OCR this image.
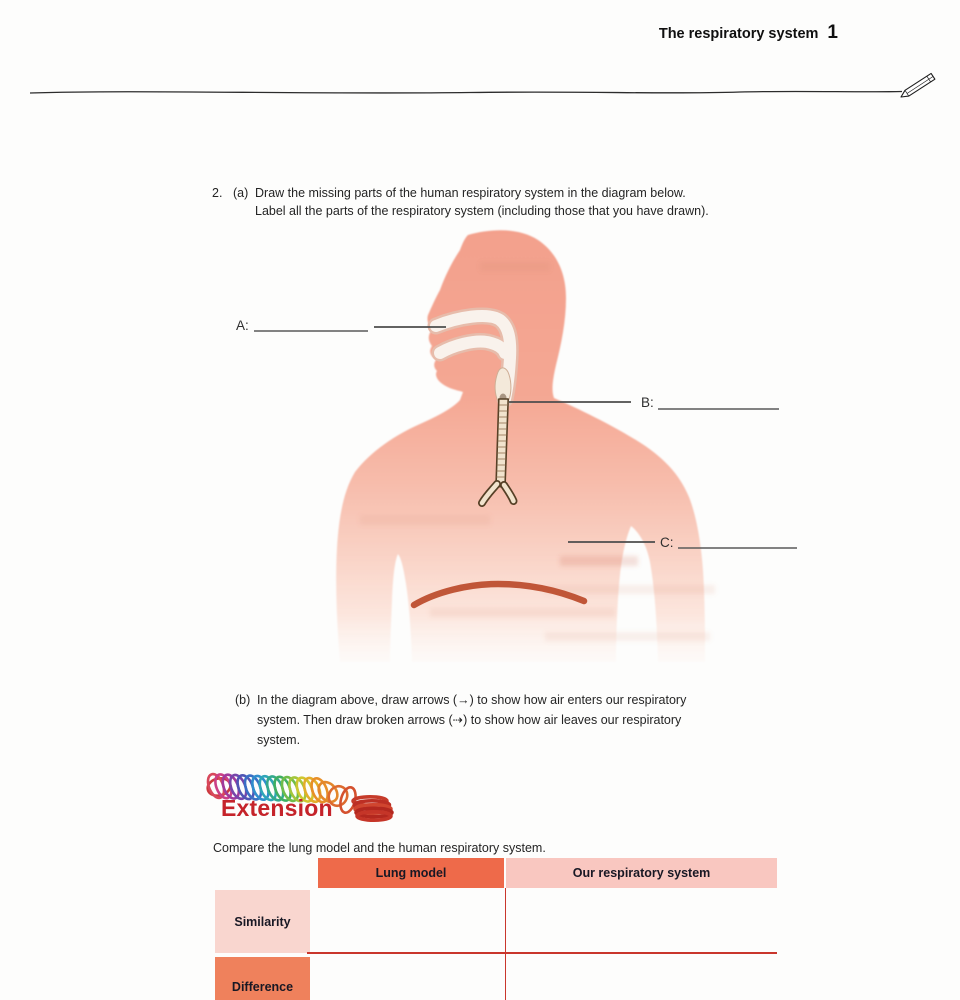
The respiratory system 1
2. (a) Draw the missing parts of the human respiratory system in the diagram below.
Label all the parts of the respiratory system (including those that you have drawn).
A:
B:
C:
(b) In the diagram above, draw arrows (→) to show how air enters our respiratory
system. Then draw broken arrows (⇢) to show how air leaves our respiratory
system.
Extension

Compare the lung model and the human respiratory system.

Lung model	Our respiratory system
Similarity
Difference
